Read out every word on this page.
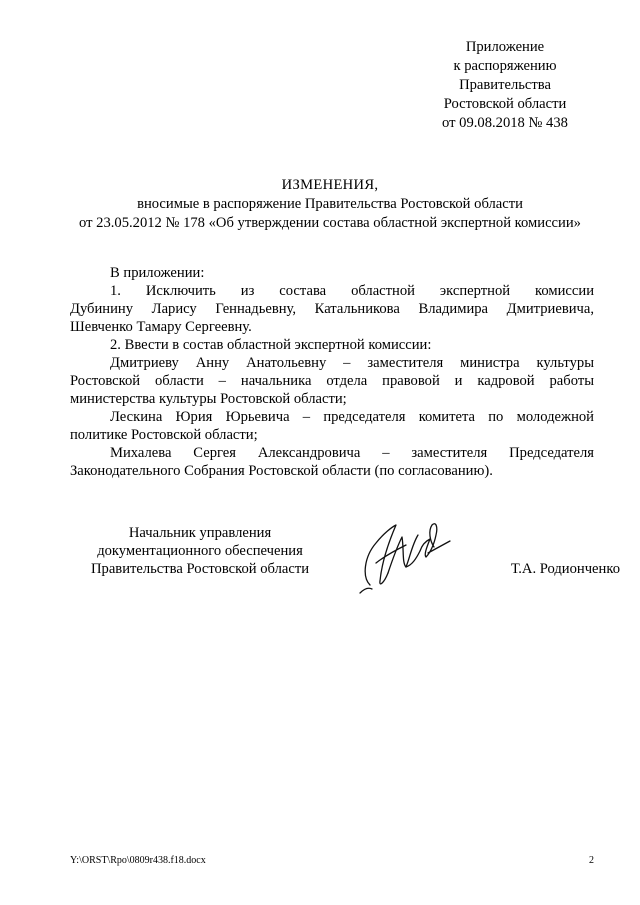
Приложение
к распоряжению
Правительства
Ростовской области
от 09.08.2018 № 438
ИЗМЕНЕНИЯ,
вносимые в распоряжение Правительства Ростовской области
от 23.05.2012 № 178 «Об утверждении состава областной экспертной комиссии»
В приложении:
1. Исключить из состава областной экспертной комиссии
Дубинину Ларису Геннадьевну, Катальникова Владимира Дмитриевича,
Шевченко Тамару Сергеевну.
2. Ввести в состав областной экспертной комиссии:
Дмитриеву Анну Анатольевну – заместителя министра культуры
Ростовской области – начальника отдела правовой и кадровой работы
министерства культуры Ростовской области;
Лескина Юрия Юрьевича – председателя комитета по молодежной
политике Ростовской области;
Михалева Сергея Александровича – заместителя Председателя
Законодательного Собрания Ростовской области (по согласованию).
Начальник управления
документационного обеспечения
Правительства Ростовской области	Т.А. Родионченко
Y:\ORST\Rpo\0809r438.f18.docx	2
